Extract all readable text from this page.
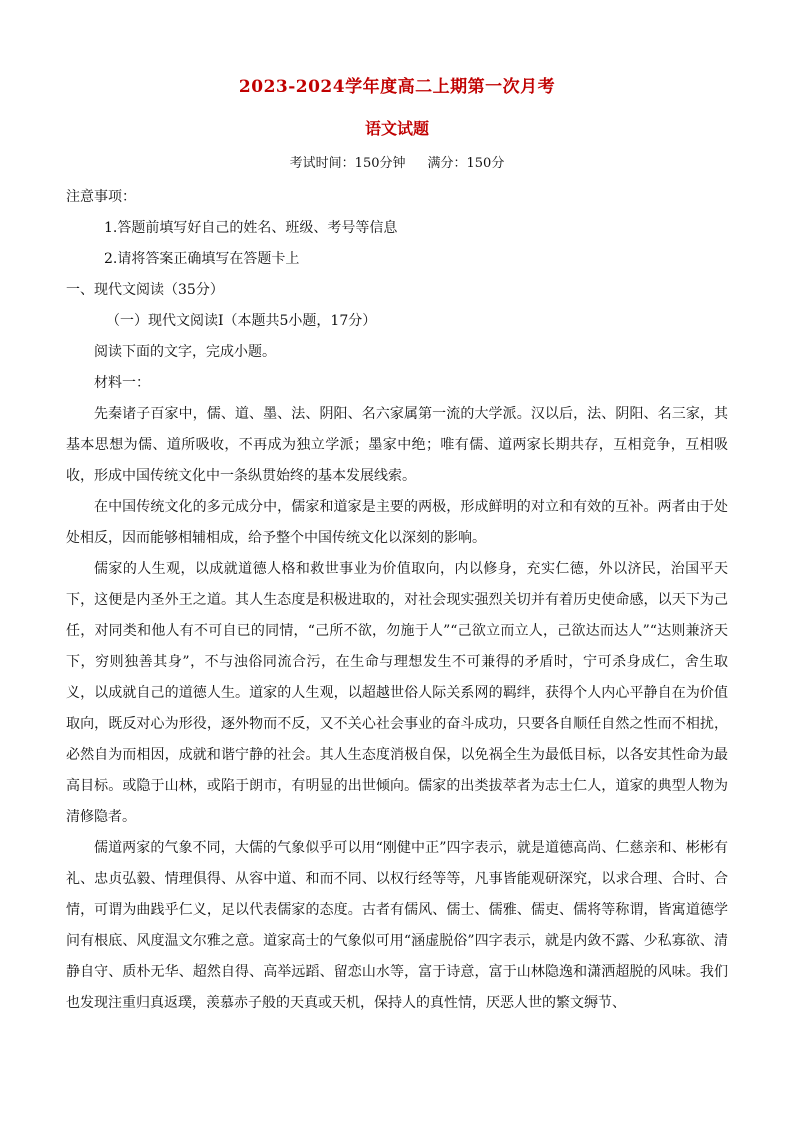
2023-2024学年度高二上期第一次月考
语文试题
考试时间：150分钟 满分：150分
注意事项：
1.答题前填写好自己的姓名、班级、考号等信息
2.请将答案正确填写在答题卡上
一、现代文阅读（35分）
（一）现代文阅读Ⅰ（本题共5小题，17分）
阅读下面的文字，完成小题。
材料一：
先秦诸子百家中，儒、道、墨、法、阴阳、名六家属第一流的大学派。汉以后，法、阴阳、名三家，其基本思想为儒、道所吸收，不再成为独立学派；墨家中绝；唯有儒、道两家长期共存，互相竞争，互相吸收，形成中国传统文化中一条纵贯始终的基本发展线索。
在中国传统文化的多元成分中，儒家和道家是主要的两极，形成鲜明的对立和有效的互补。两者由于处处相反，因而能够相辅相成，给予整个中国传统文化以深刻的影响。
儒家的人生观，以成就道德人格和救世事业为价值取向，内以修身，充实仁德，外以济民，治国平天下，这便是内圣外王之道。其人生态度是积极进取的，对社会现实强烈关切并有着历史使命感，以天下为己任，对同类和他人有不可自已的同情，“己所不欲，勿施于人”“己欲立而立人，己欲达而达人”“达则兼济天下，穷则独善其身”，不与浊俗同流合污，在生命与理想发生不可兼得的矛盾时，宁可杀身成仁，舍生取义，以成就自己的道德人生。道家的人生观，以超越世俗人际关系网的羁绊，获得个人内心平静自在为价值取向，既反对心为形役，逐外物而不反，又不关心社会事业的奋斗成功，只要各自顺任自然之性而不相扰，必然自为而相因，成就和谐宁静的社会。其人生态度消极自保，以免祸全生为最低目标，以各安其性命为最高目标。或隐于山林，或陷于朗市，有明显的出世倾向。儒家的出类拔萃者为志士仁人，道家的典型人物为清修隐者。
儒道两家的气象不同，大儒的气象似乎可以用“刚健中正”四字表示，就是道德高尚、仁慈亲和、彬彬有礼、忠贞弘毅、情理俱得、从容中道、和而不同、以权行经等等，凡事皆能观研深究，以求合理、合时、合情，可谓为曲践乎仁义，足以代表儒家的态度。古者有儒风、儒士、儒雅、儒吏、儒将等称谓，皆寓道德学问有根底、风度温文尔雅之意。道家高士的气象似可用“涵虚脱俗”四字表示，就是内敛不露、少私寡欲、清静自守、质朴无华、超然自得、高举远蹈、留恋山水等，富于诗意，富于山林隐逸和潇洒超脱的风味。我们也发现注重归真返璞，羡慕赤子般的天真或天机，保持人的真性情，厌恶人世的繁文缛节、
